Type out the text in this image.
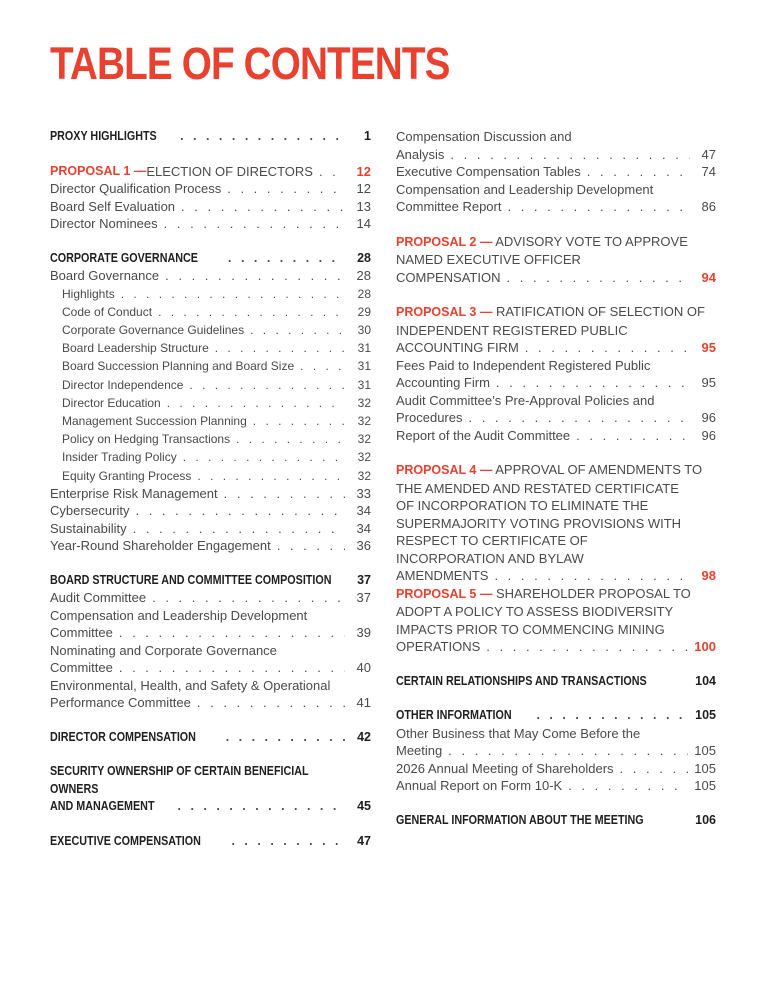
TABLE OF CONTENTS
PROXY HIGHLIGHTS . . .	1
PROPOSAL 1 — ELECTION OF DIRECTORS . . .	12
Director Qualification Process . . .	12
Board Self Evaluation . . .	13
Director Nominees . . .	14
CORPORATE GOVERNANCE . . .	28
Board Governance . . .	28
Highlights . . .	28
Code of Conduct . . .	29
Corporate Governance Guidelines . . .	30
Board Leadership Structure . . .	31
Board Succession Planning and Board Size . . .	31
Director Independence . . .	31
Director Education . . .	32
Management Succession Planning . . .	32
Policy on Hedging Transactions . . .	32
Insider Trading Policy . . .	32
Equity Granting Process . . .	32
Enterprise Risk Management . . .	33
Cybersecurity . . .	34
Sustainability . . .	34
Year-Round Shareholder Engagement . . .	36
BOARD STRUCTURE AND COMMITTEE COMPOSITION	37
Audit Committee . . .	37
Compensation and Leadership Development
Committee . . .	39
Nominating and Corporate Governance
Committee . . .	40
Environmental, Health, and Safety & Operational
Performance Committee . . .	41
DIRECTOR COMPENSATION . . .	42
SECURITY OWNERSHIP OF CERTAIN BENEFICIAL OWNERS
AND MANAGEMENT . . .	45
EXECUTIVE COMPENSATION . . .	47
Compensation Discussion and
Analysis . . .	47
Executive Compensation Tables . . .	74
Compensation and Leadership Development
Committee Report . . .	86
PROPOSAL 2 — ADVISORY VOTE TO APPROVE
NAMED EXECUTIVE OFFICER
COMPENSATION . . .	94
PROPOSAL 3 — RATIFICATION OF SELECTION OF
INDEPENDENT REGISTERED PUBLIC
ACCOUNTING FIRM . . .	95
Fees Paid to Independent Registered Public
Accounting Firm . . .	95
Audit Committee’s Pre-Approval Policies and
Procedures . . .	96
Report of the Audit Committee . . .	96
PROPOSAL 4 — APPROVAL OF AMENDMENTS TO
THE AMENDED AND RESTATED CERTIFICATE
OF INCORPORATION TO ELIMINATE THE
SUPERMAJORITY VOTING PROVISIONS WITH
RESPECT TO CERTIFICATE OF
INCORPORATION AND BYLAW
AMENDMENTS . . .	98
PROPOSAL 5 — SHAREHOLDER PROPOSAL TO
ADOPT A POLICY TO ASSESS BIODIVERSITY
IMPACTS PRIOR TO COMMENCING MINING
OPERATIONS . . .	100
CERTAIN RELATIONSHIPS AND TRANSACTIONS . . .	104
OTHER INFORMATION . . .	105
Other Business that May Come Before the
Meeting . . .	105
2026 Annual Meeting of Shareholders . . .	105
Annual Report on Form 10-K . . .	105
GENERAL INFORMATION ABOUT THE MEETING . . .	106
